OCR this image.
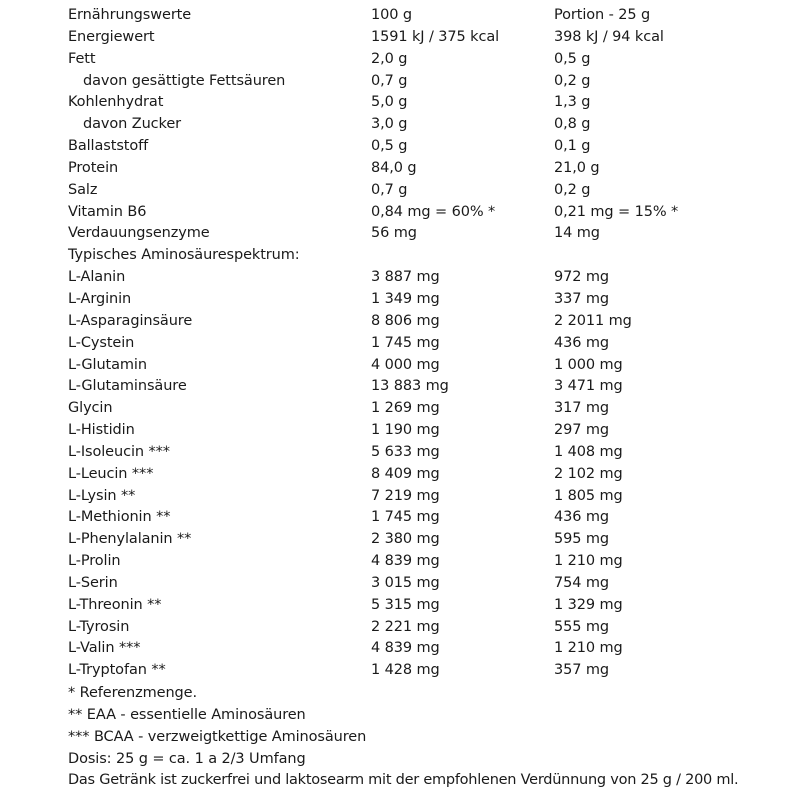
Ernährungswerte	100 g	Portion - 25 g
Energiewert	1591 kJ / 375 kcal	398 kJ / 94 kcal
Fett	2,0 g	0,5 g
davon gesättigte Fettsäuren	0,7 g	0,2 g
Kohlenhydrat	5,0 g	1,3 g
davon Zucker	3,0 g	0,8 g
Ballaststoff	0,5 g	0,1 g
Protein	84,0 g	21,0 g
Salz	0,7 g	0,2 g
Vitamin B6	0,84 mg = 60% *	0,21 mg = 15% *
Verdauungsenzyme	56 mg	14 mg
Typisches Aminosäurespektrum:
L-Alanin	3 887 mg	972 mg
L-Arginin	1 349 mg	337 mg
L-Asparaginsäure	8 806 mg	2 2011 mg
L-Cystein	1 745 mg	436 mg
L-Glutamin	4 000 mg	1 000 mg
L-Glutaminsäure	13 883 mg	3 471 mg
Glycin	1 269 mg	317 mg
L-Histidin	1 190 mg	297 mg
L-Isoleucin ***	5 633 mg	1 408 mg
L-Leucin ***	8 409 mg	2 102 mg
L-Lysin **	7 219 mg	1 805 mg
L-Methionin **	1 745 mg	436 mg
L-Phenylalanin **	2 380 mg	595 mg
L-Prolin	4 839 mg	1 210 mg
L-Serin	3 015 mg	754 mg
L-Threonin **	5 315 mg	1 329 mg
L-Tyrosin	2 221 mg	555 mg
L-Valin ***	4 839 mg	1 210 mg
L-Tryptofan **	1 428 mg	357 mg
* Referenzmenge.
** EAA - essentielle Aminosäuren
*** BCAA - verzweigtkettige Aminosäuren
Dosis: 25 g = ca. 1 a 2/3 Umfang
Das Getränk ist zuckerfrei und laktosearm mit der empfohlenen Verdünnung von 25 g / 200 ml.
